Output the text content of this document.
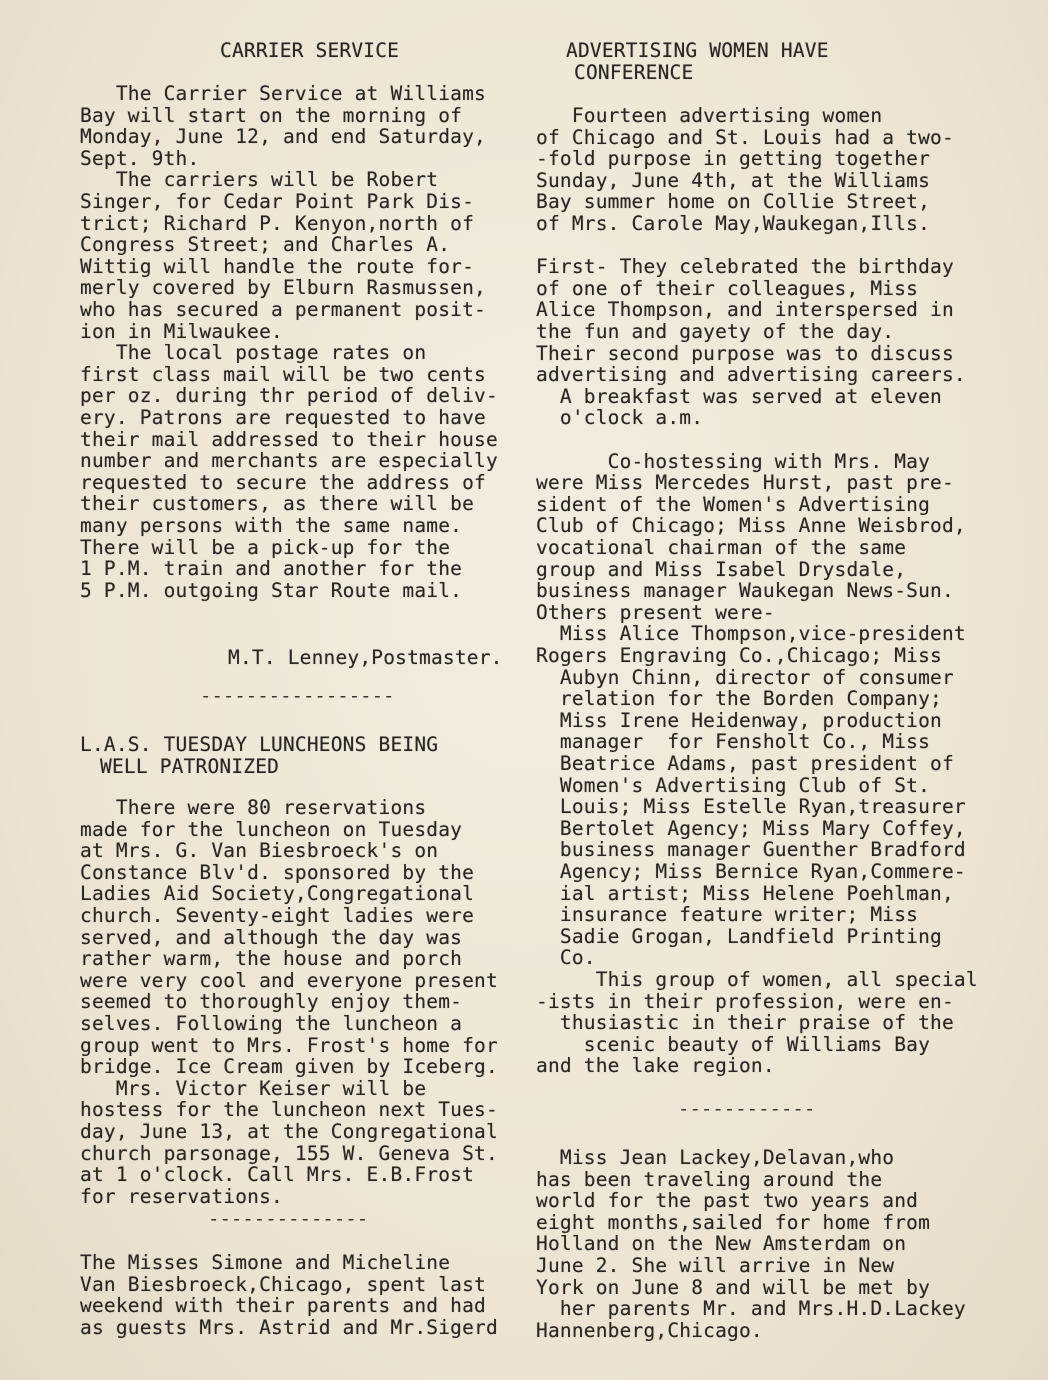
CARRIER SERVICE
The Carrier Service at Williams
Bay will start on the morning of
Monday, June 12, and end Saturday,
Sept. 9th.
The carriers will be Robert
Singer, for Cedar Point Park Dis-
trict; Richard P. Kenyon,north of
Congress Street; and Charles A.
Wittig will handle the route for-
merly covered by Elburn Rasmussen,
who has secured a permanent posit-
ion in Milwaukee.
The local postage rates on
first class mail will be two cents
per oz. during thr period of deliv-
ery. Patrons are requested to have
their mail addressed to their house
number and merchants are especially
requested to secure the address of
their customers, as there will be
many persons with the same name.
There will be a pick-up for the
1 P.M. train and another for the
5 P.M. outgoing Star Route mail.
M.T. Lenney,Postmaster.
-----------------
L.A.S. TUESDAY LUNCHEONS BEING
WELL PATRONIZED
There were 80 reservations
made for the luncheon on Tuesday
at Mrs. G. Van Biesbroeck's on
Constance Blv'd. sponsored by the
Ladies Aid Society,Congregational
church. Seventy-eight ladies were
served, and although the day was
rather warm, the house and porch
were very cool and everyone present
seemed to thoroughly enjoy them-
selves. Following the luncheon a
group went to Mrs. Frost's home for
bridge. Ice Cream given by Iceberg.
Mrs. Victor Keiser will be
hostess for the luncheon next Tues-
day, June 13, at the Congregational
church parsonage, 155 W. Geneva St.
at 1 o'clock. Call Mrs. E.B.Frost
for reservations.
--------------
The Misses Simone and Micheline
Van Biesbroeck,Chicago, spent last
weekend with their parents and had
as guests Mrs. Astrid and Mr.Sigerd
ADVERTISING WOMEN HAVE
CONFERENCE
Fourteen advertising women
of Chicago and St. Louis had a two-
-fold purpose in getting together
Sunday, June 4th, at the Williams
Bay summer home on Collie Street,
of Mrs. Carole May,Waukegan,Ills.
First- They celebrated the birthday
of one of their colleagues, Miss
Alice Thompson, and interspersed in
the fun and gayety of the day.
Their second purpose was to discuss
advertising and advertising careers.
A breakfast was served at eleven
o'clock a.m.
Co-hostessing with Mrs. May
were Miss Mercedes Hurst, past pre-
sident of the Women's Advertising
Club of Chicago; Miss Anne Weisbrod,
vocational chairman of the same
group and Miss Isabel Drysdale,
business manager Waukegan News-Sun.
Others present were-
Miss Alice Thompson,vice-president
Rogers Engraving Co.,Chicago; Miss
Aubyn Chinn, director of consumer
relation for the Borden Company;
Miss Irene Heidenway, production
manager  for Fensholt Co., Miss
Beatrice Adams, past president of
Women's Advertising Club of St.
Louis; Miss Estelle Ryan,treasurer
Bertolet Agency; Miss Mary Coffey,
business manager Guenther Bradford
Agency; Miss Bernice Ryan,Commere-
ial artist; Miss Helene Poehlman,
insurance feature writer; Miss
Sadie Grogan, Landfield Printing
Co.
This group of women, all special
-ists in their profession, were en-
thusiastic in their praise of the
scenic beauty of Williams Bay
and the lake region.
------------
Miss Jean Lackey,Delavan,who
has been traveling around the
world for the past two years and
eight months,sailed for home from
Holland on the New Amsterdam on
June 2. She will arrive in New
York on June 8 and will be met by
her parents Mr. and Mrs.H.D.Lackey
Hannenberg,Chicago.
